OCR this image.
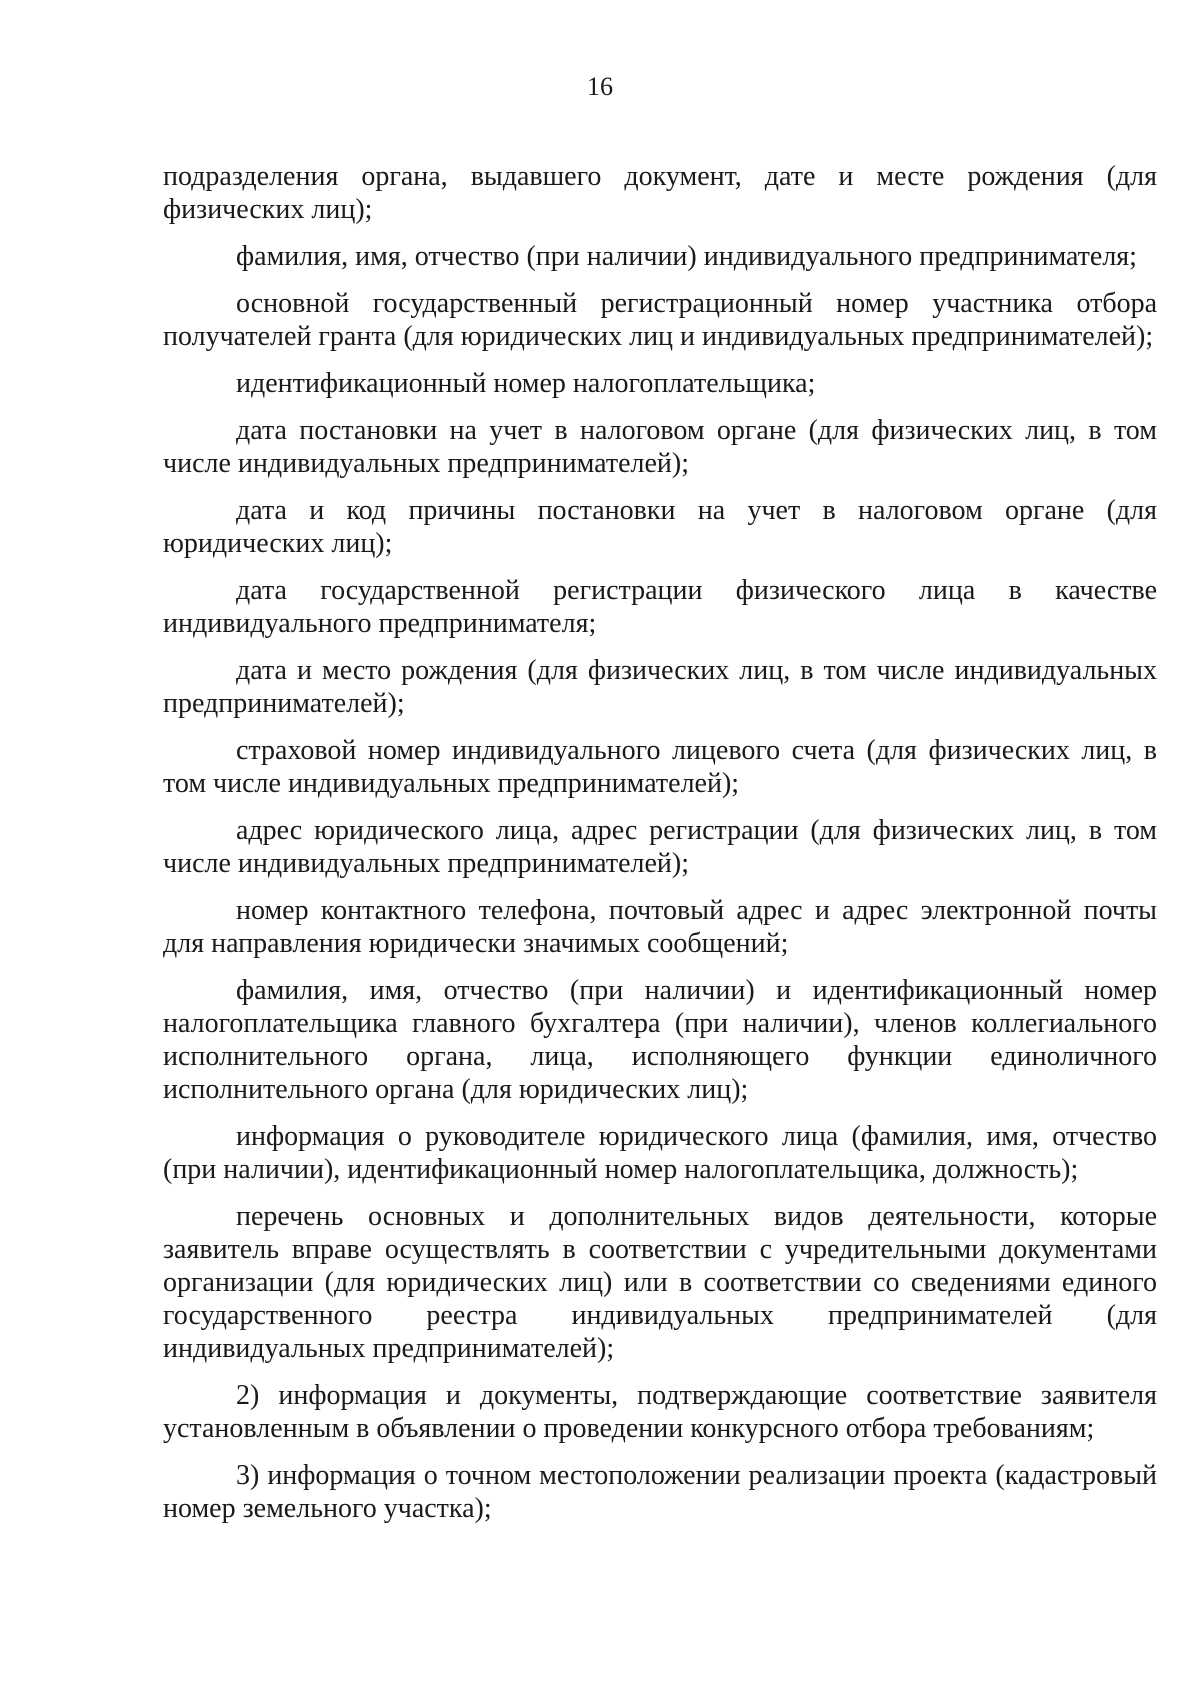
16

подразделения органа, выдавшего документ, дате и месте рождения (для физических лиц);

фамилия, имя, отчество (при наличии) индивидуального предпринимателя;

основной государственный регистрационный номер участника отбора получателей гранта (для юридических лиц и индивидуальных предпринимателей);

идентификационный номер налогоплательщика;

дата постановки на учет в налоговом органе (для физических лиц, в том числе индивидуальных предпринимателей);

дата и код причины постановки на учет в налоговом органе (для юридических лиц);

дата государственной регистрации физического лица в качестве индивидуального предпринимателя;

дата и место рождения (для физических лиц, в том числе индивидуальных предпринимателей);

страховой номер индивидуального лицевого счета (для физических лиц, в том числе индивидуальных предпринимателей);

адрес юридического лица, адрес регистрации (для физических лиц, в том числе индивидуальных предпринимателей);

номер контактного телефона, почтовый адрес и адрес электронной почты для направления юридически значимых сообщений;

фамилия, имя, отчество (при наличии) и идентификационный номер налогоплательщика главного бухгалтера (при наличии), членов коллегиального исполнительного органа, лица, исполняющего функции единоличного исполнительного органа (для юридических лиц);

информация о руководителе юридического лица (фамилия, имя, отчество (при наличии), идентификационный номер налогоплательщика, должность);

перечень основных и дополнительных видов деятельности, которые заявитель вправе осуществлять в соответствии с учредительными документами организации (для юридических лиц) или в соответствии со сведениями единого государственного реестра индивидуальных предпринимателей (для индивидуальных предпринимателей);

2) информация и документы, подтверждающие соответствие заявителя установленным в объявлении о проведении конкурсного отбора требованиям;

3) информация о точном местоположении реализации проекта (кадастровый номер земельного участка);
